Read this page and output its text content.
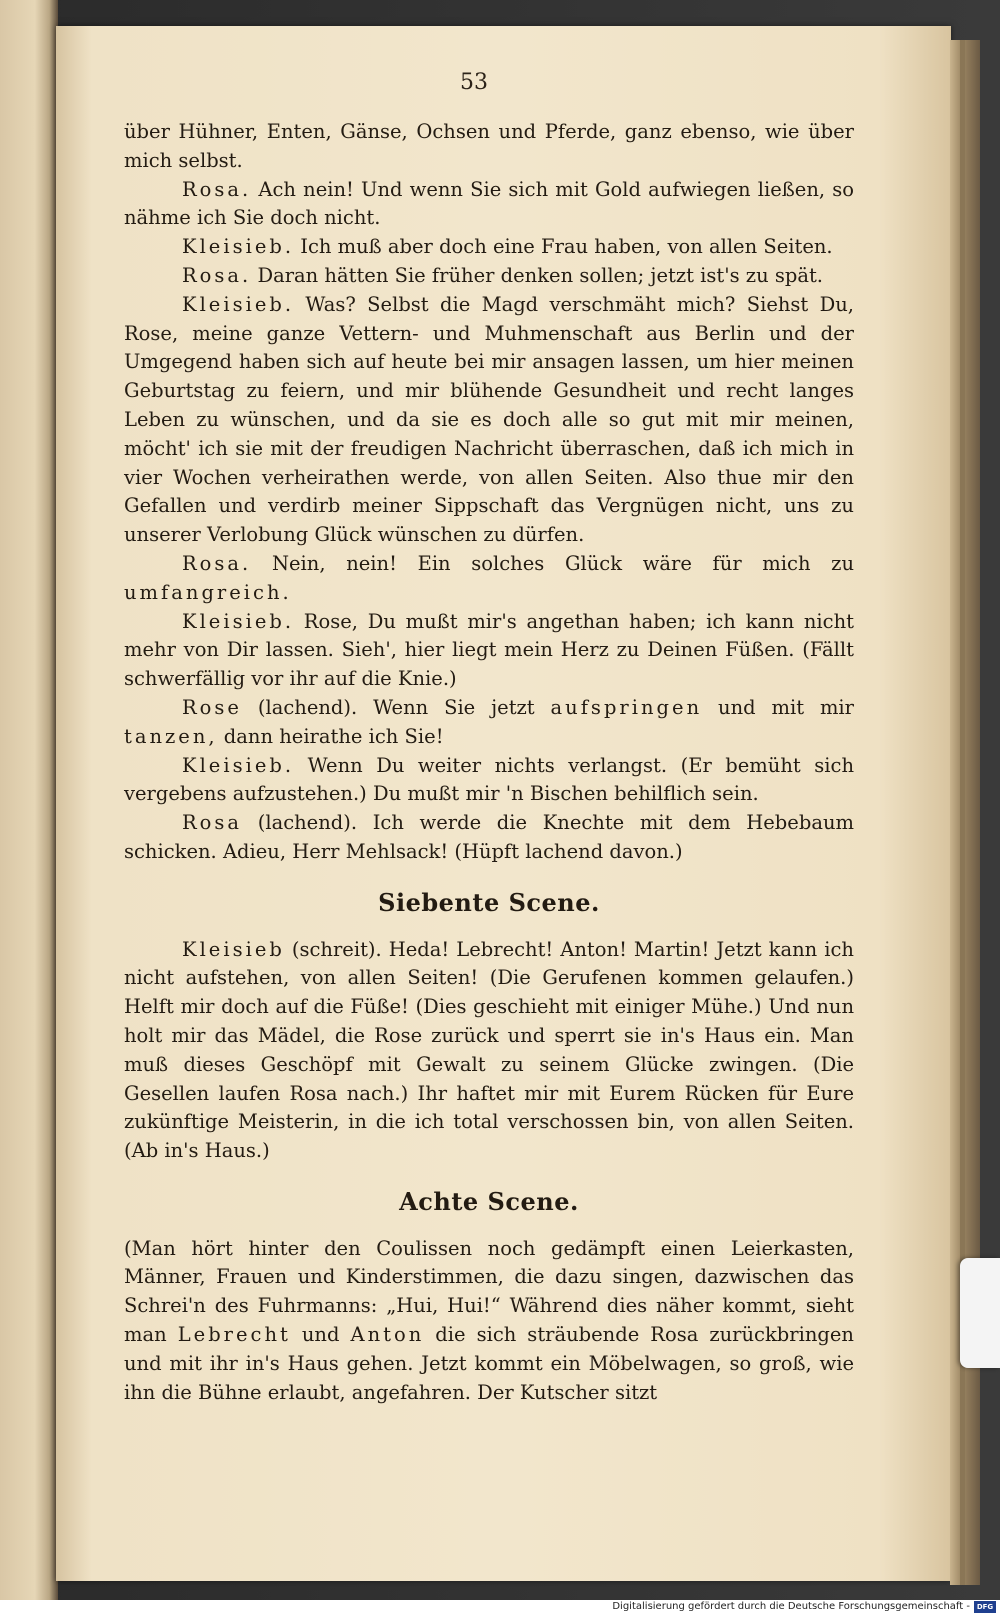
53

über Hühner, Enten, Gänse, Ochsen und Pferde, ganz ebenso, wie über mich selbst.

Rosa. Ach nein! Und wenn Sie sich mit Gold aufwiegen ließen, so nähme ich Sie doch nicht.

Kleisieb. Ich muß aber doch eine Frau haben, von allen Seiten.

Rosa. Daran hätten Sie früher denken sollen; jetzt ist's zu spät.

Kleisieb. Was? Selbst die Magd verschmäht mich? Siehst Du, Rose, meine ganze Vettern- und Muhmenschaft aus Berlin und der Umgegend haben sich auf heute bei mir ansagen lassen, um hier meinen Geburtstag zu feiern, und mir blühende Gesundheit und recht langes Leben zu wünschen, und da sie es doch alle so gut mit mir meinen, möcht' ich sie mit der freudigen Nachricht überraschen, daß ich mich in vier Wochen verheirathen werde, von allen Seiten. Also thue mir den Gefallen und verdirb meiner Sippschaft das Vergnügen nicht, uns zu unserer Verlobung Glück wünschen zu dürfen.

Rosa. Nein, nein! Ein solches Glück wäre für mich zu umfangreich.

Kleisieb. Rose, Du mußt mir's angethan haben; ich kann nicht mehr von Dir lassen. Sieh', hier liegt mein Herz zu Deinen Füßen. (Fällt schwerfällig vor ihr auf die Knie.)

Rose (lachend). Wenn Sie jetzt aufspringen und mit mir tanzen, dann heirathe ich Sie!

Kleisieb. Wenn Du weiter nichts verlangst. (Er bemüht sich vergebens aufzustehen.) Du mußt mir 'n Bischen behilflich sein.

Rosa (lachend). Ich werde die Knechte mit dem Hebebaum schicken. Adieu, Herr Mehlsack! (Hüpft lachend davon.)

Siebente Scene.

Kleisieb (schreit). Heda! Lebrecht! Anton! Martin! Jetzt kann ich nicht aufstehen, von allen Seiten! (Die Gerufenen kommen gelaufen.) Helft mir doch auf die Füße! (Dies geschieht mit einiger Mühe.) Und nun holt mir das Mädel, die Rose zurück und sperrt sie in's Haus ein. Man muß dieses Geschöpf mit Gewalt zu seinem Glücke zwingen. (Die Gesellen laufen Rosa nach.) Ihr haftet mir mit Eurem Rücken für Eure zukünftige Meisterin, in die ich total verschossen bin, von allen Seiten. (Ab in's Haus.)

Achte Scene.

(Man hört hinter den Coulissen noch gedämpft einen Leierkasten, Männer, Frauen und Kinderstimmen, die dazu singen, dazwischen das Schrei'n des Fuhrmanns: „Hui, Hui!“ Während dies näher kommt, sieht man Lebrecht und Anton die sich sträubende Rosa zurückbringen und mit ihr in's Haus gehen. Jetzt kommt ein Möbelwagen, so groß, wie ihn die Bühne erlaubt, angefahren. Der Kutscher sitzt

Digitalisierung gefördert durch die Deutsche Forschungsgemeinschaft - DFG
